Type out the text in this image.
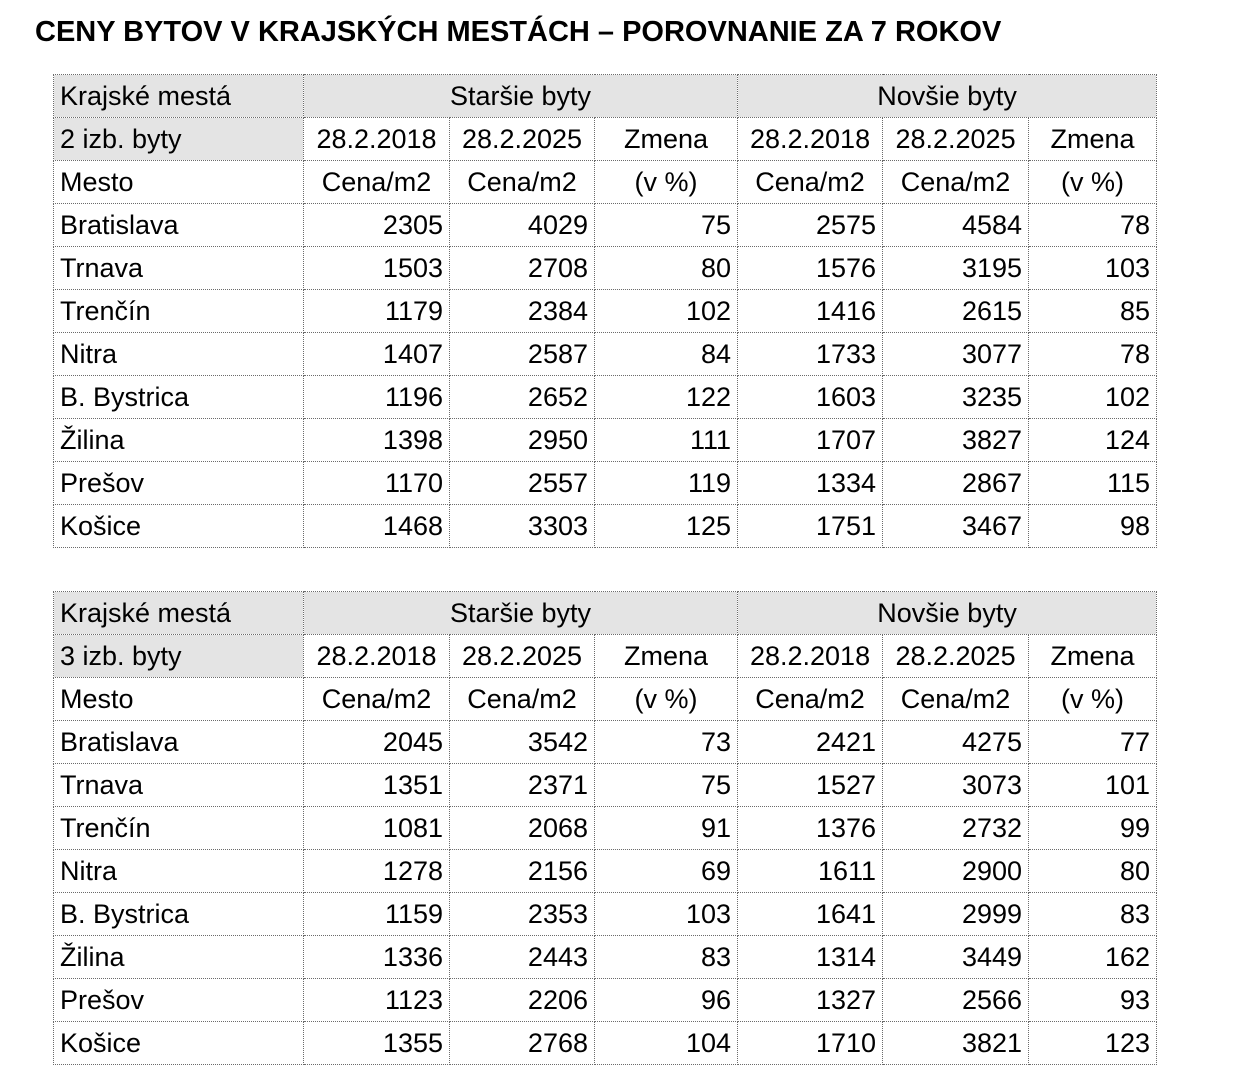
CENY BYTOV V KRAJSKÝCH MESTÁCH – POROVNANIE ZA 7 ROKOV
Krajské mestá	Staršie byty			Novšie byty		
2 izb. byty	28.2.2018	28.2.2025	Zmena	28.2.2018	28.2.2025	Zmena
Mesto	Cena/m2	Cena/m2	(v %)	Cena/m2	Cena/m2	(v %)
Bratislava	2305	4029	75	2575	4584	78
Trnava	1503	2708	80	1576	3195	103
Trenčín	1179	2384	102	1416	2615	85
Nitra	1407	2587	84	1733	3077	78
B. Bystrica	1196	2652	122	1603	3235	102
Žilina	1398	2950	111	1707	3827	124
Prešov	1170	2557	119	1334	2867	115
Košice	1468	3303	125	1751	3467	98
Krajské mestá	Staršie byty			Novšie byty		
3 izb. byty	28.2.2018	28.2.2025	Zmena	28.2.2018	28.2.2025	Zmena
Mesto	Cena/m2	Cena/m2	(v %)	Cena/m2	Cena/m2	(v %)
Bratislava	2045	3542	73	2421	4275	77
Trnava	1351	2371	75	1527	3073	101
Trenčín	1081	2068	91	1376	2732	99
Nitra	1278	2156	69	1611	2900	80
B. Bystrica	1159	2353	103	1641	2999	83
Žilina	1336	2443	83	1314	3449	162
Prešov	1123	2206	96	1327	2566	93
Košice	1355	2768	104	1710	3821	123
